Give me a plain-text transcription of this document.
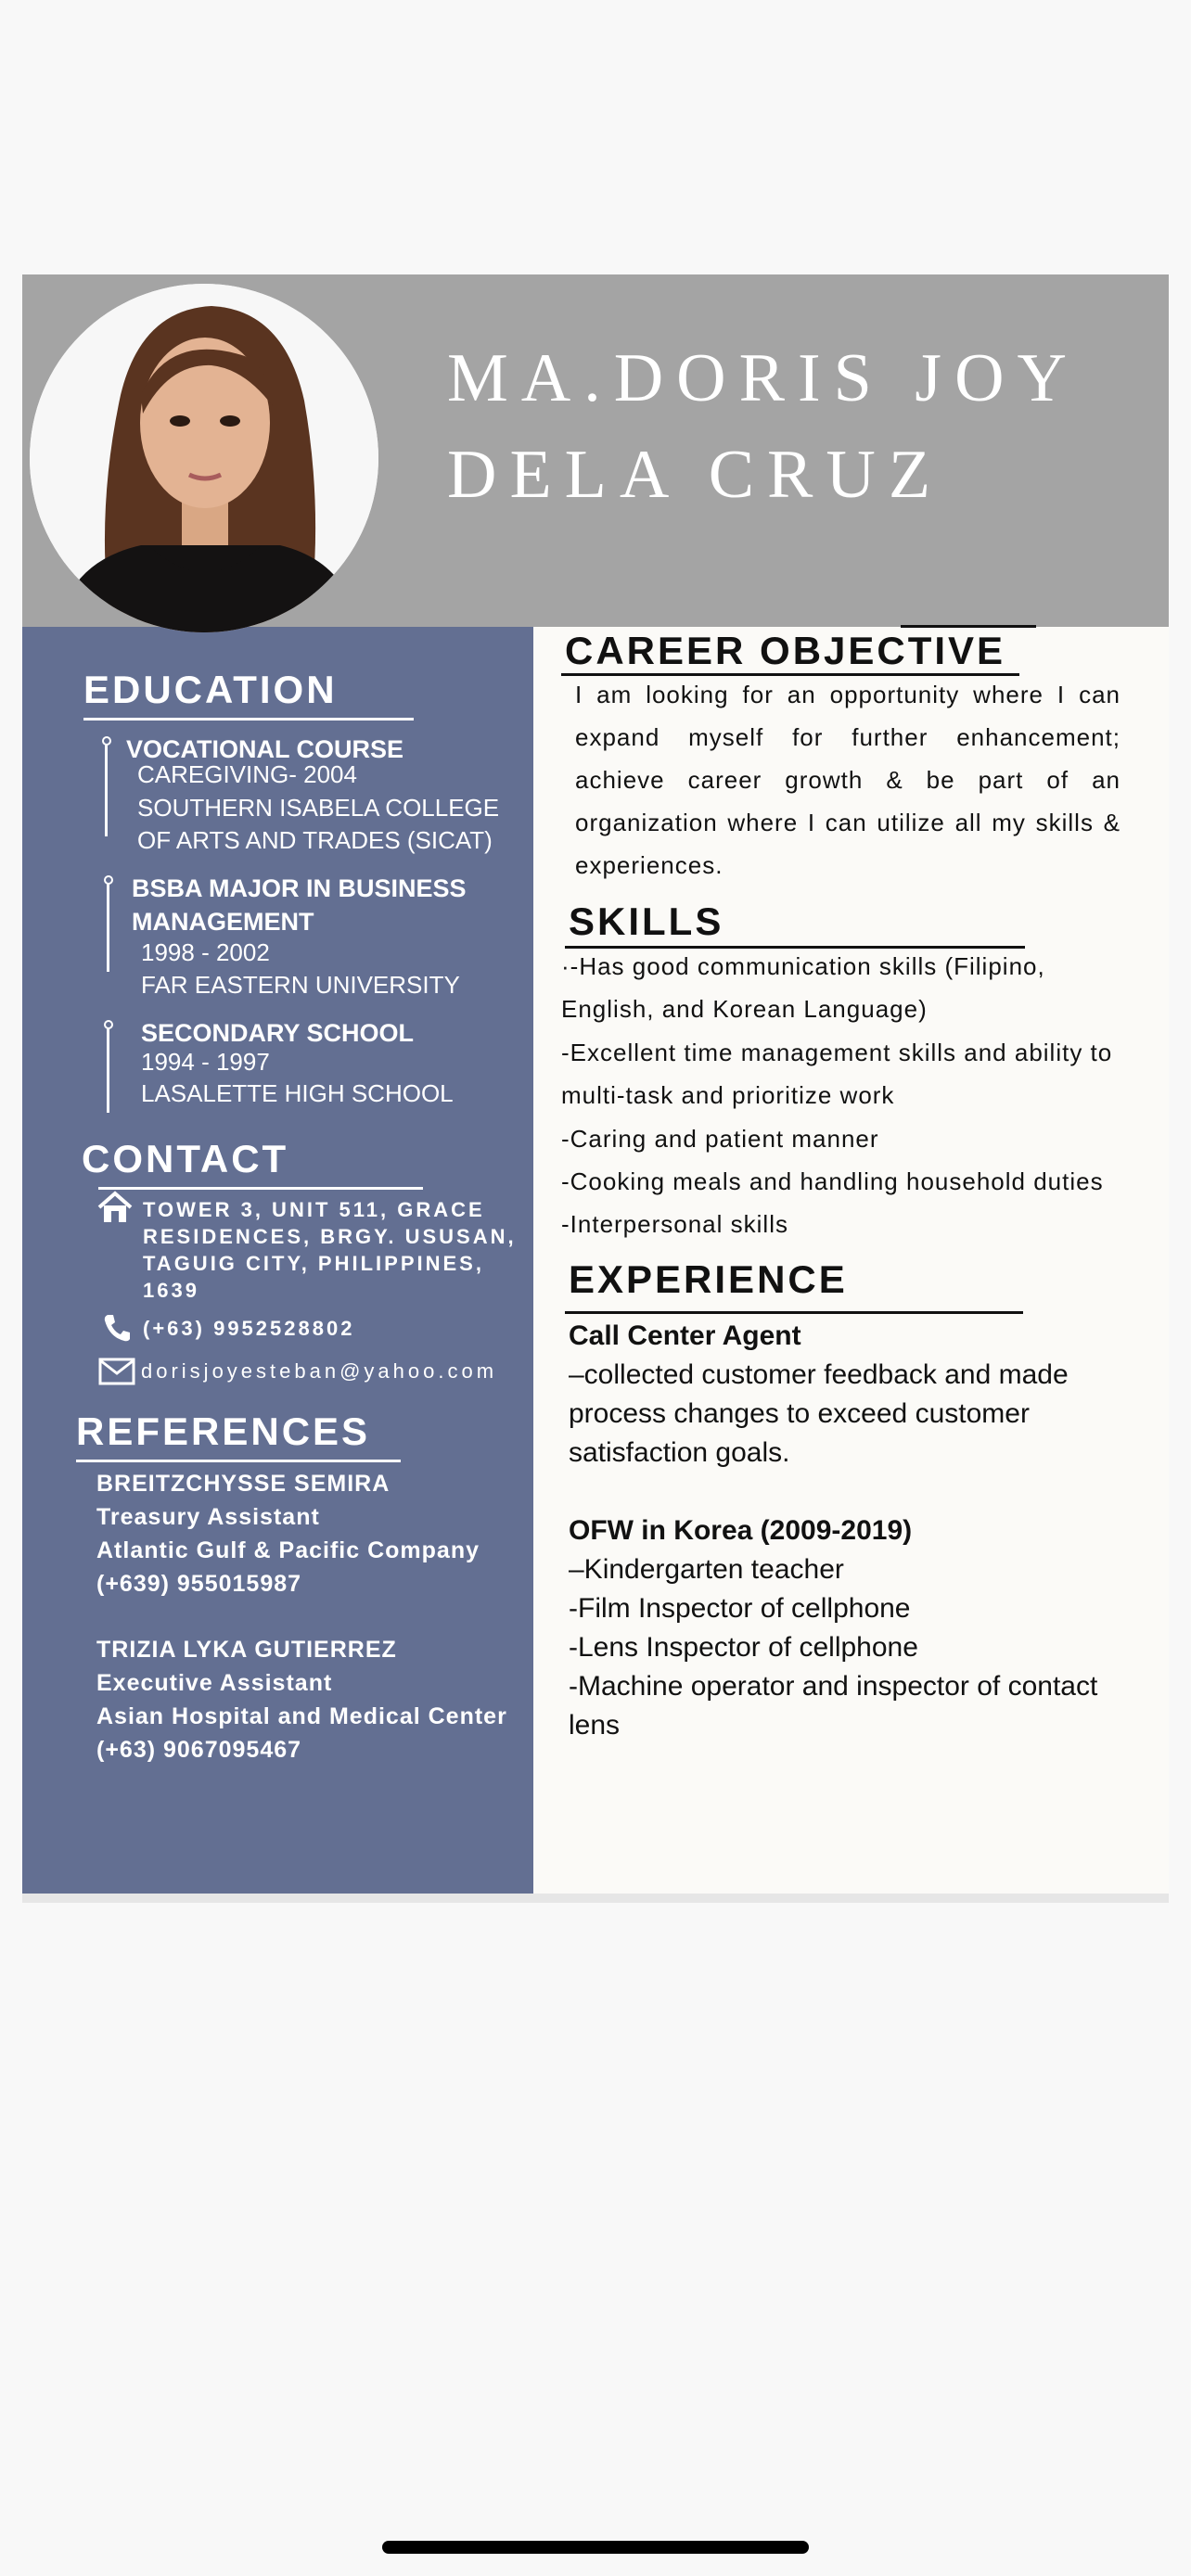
MA.DORIS JOY
DELA CRUZ
EDUCATION
VOCATIONAL COURSE
CAREGIVING- 2004
SOUTHERN ISABELA COLLEGE
OF ARTS AND TRADES (SICAT)
BSBA MAJOR IN BUSINESS
MANAGEMENT
1998 - 2002
FAR EASTERN UNIVERSITY
SECONDARY SCHOOL
1994 - 1997
LASALETTE HIGH SCHOOL
CONTACT
TOWER 3, UNIT 511, GRACE
RESIDENCES, BRGY. USUSAN,
TAGUIG CITY, PHILIPPINES,
1639
(+63) 9952528802
dorisjoyesteban@yahoo.com
REFERENCES
BREITZCHYSSE SEMIRA
Treasury Assistant
Atlantic Gulf & Pacific Company
(+639) 955015987
TRIZIA LYKA GUTIERREZ
Executive Assistant
Asian Hospital and Medical Center
(+63) 9067095467
CAREER OBJECTIVE
I am looking for an opportunity where I can expand myself for further enhancement; achieve career growth & be part of an organization where I can utilize all my skills & experiences.
SKILLS
·-Has good communication skills (Filipino,
English, and Korean Language)
-Excellent time management skills and ability to
multi-task and prioritize work
-Caring and patient manner
-Cooking meals and handling household duties
-Interpersonal skills
EXPERIENCE
Call Center Agent
–collected customer feedback and made
process changes to exceed customer
satisfaction goals.
OFW in Korea (2009-2019)
–Kindergarten teacher
-Film Inspector of cellphone
-Lens Inspector of cellphone
-Machine operator and inspector of contact
lens
